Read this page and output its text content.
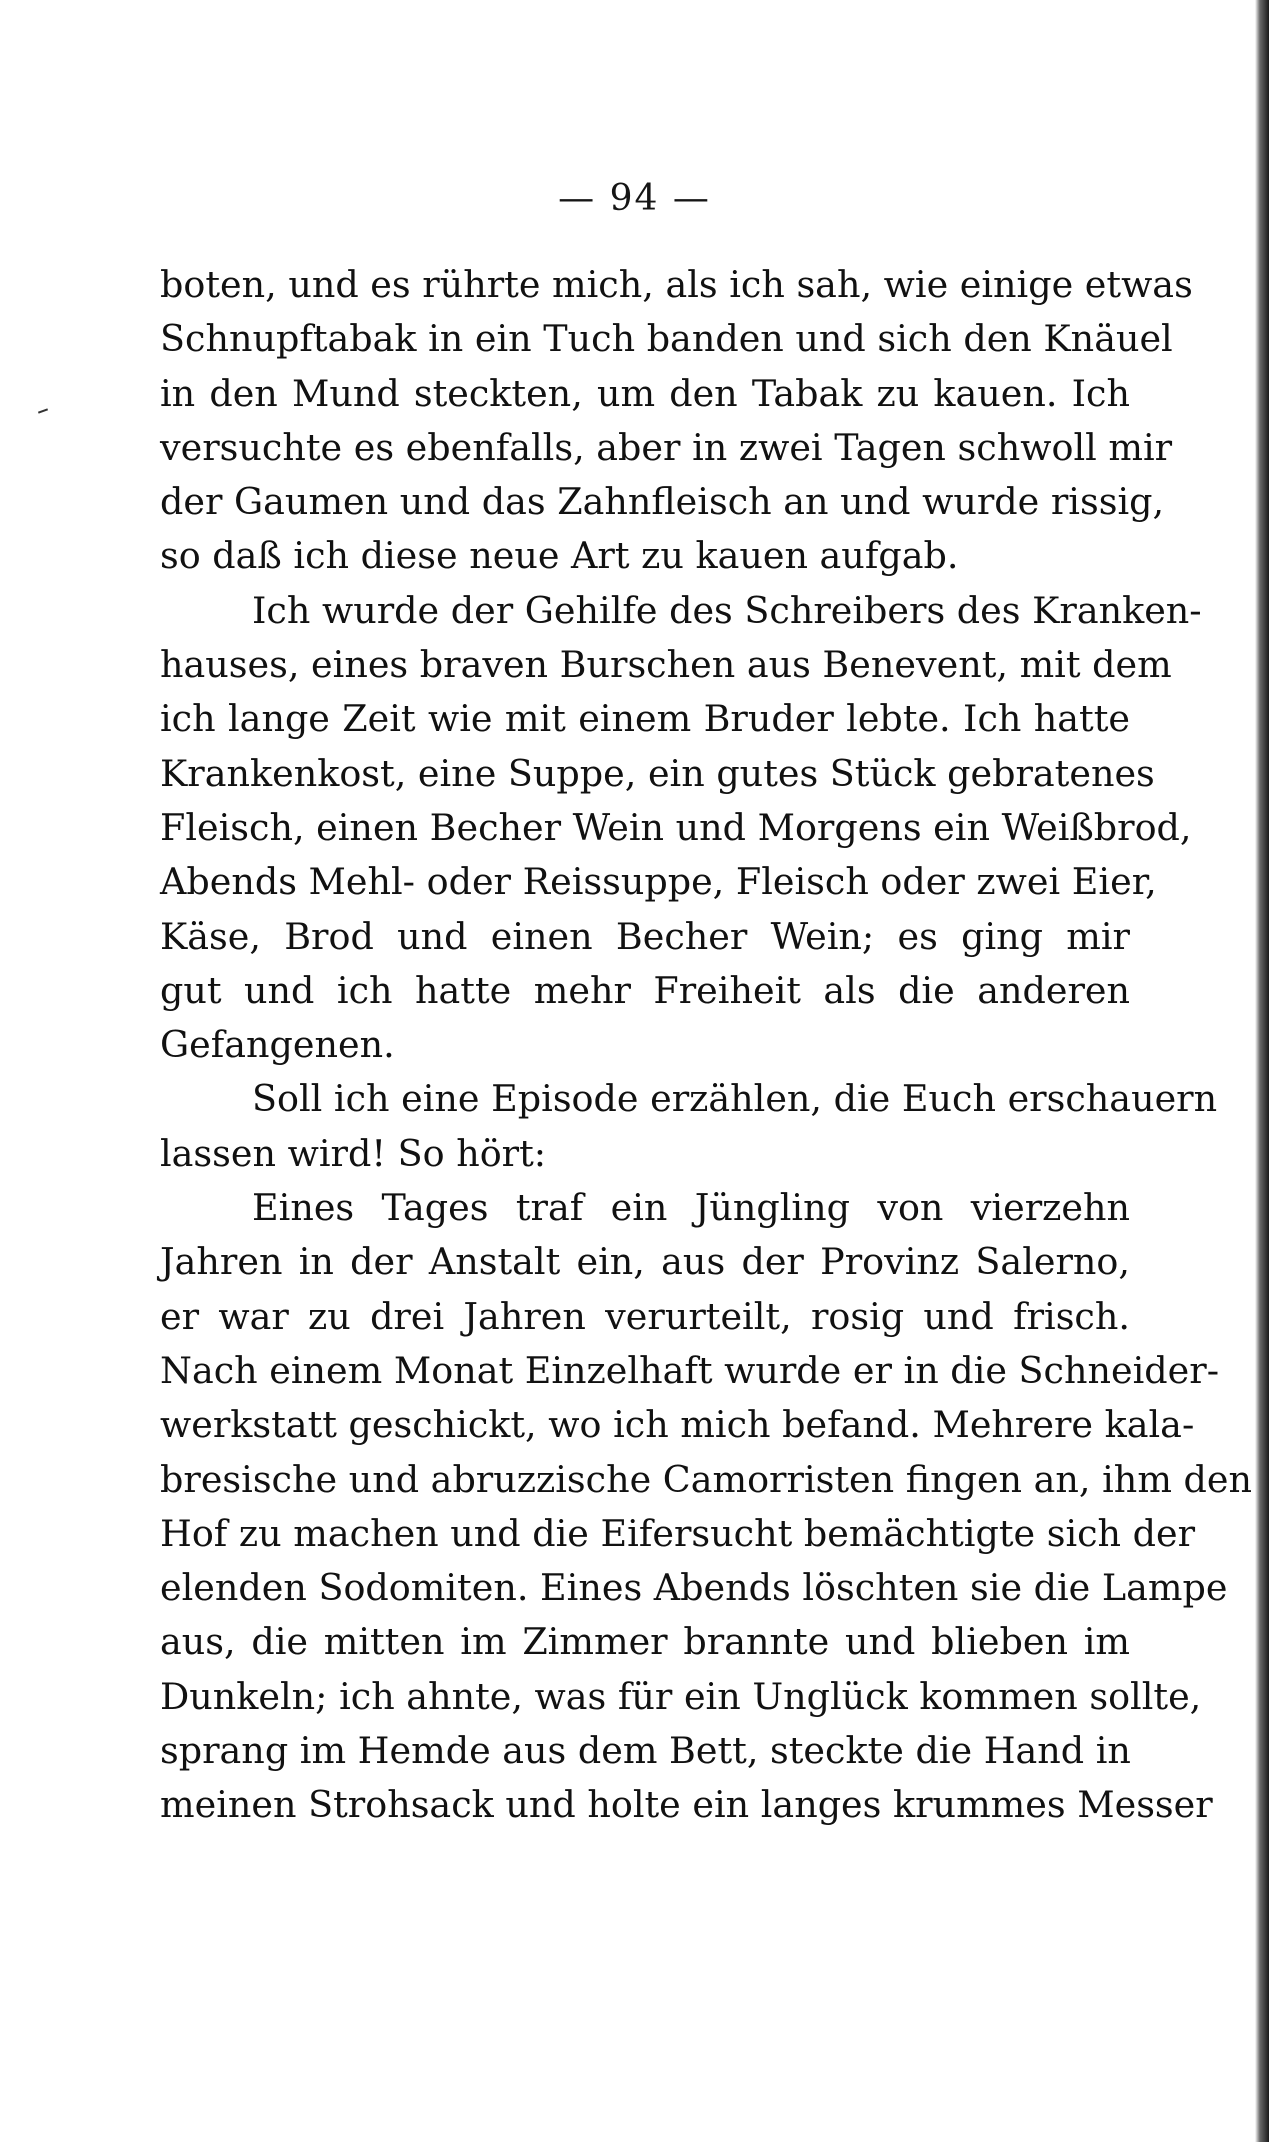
— 94 —
boten, und es rührte mich, als ich sah, wie einige etwas
Schnupftabak in ein Tuch banden und sich den Knäuel
in den Mund steckten, um den Tabak zu kauen. Ich
versuchte es ebenfalls, aber in zwei Tagen schwoll mir
der Gaumen und das Zahnfleisch an und wurde rissig,
so daß ich diese neue Art zu kauen aufgab.
Ich wurde der Gehilfe des Schreibers des Kranken-
hauses, eines braven Burschen aus Benevent, mit dem
ich lange Zeit wie mit einem Bruder lebte. Ich hatte
Krankenkost, eine Suppe, ein gutes Stück gebratenes
Fleisch, einen Becher Wein und Morgens ein Weißbrod,
Abends Mehl- oder Reissuppe, Fleisch oder zwei Eier,
Käse, Brod und einen Becher Wein; es ging mir
gut und ich hatte mehr Freiheit als die anderen
Gefangenen.
Soll ich eine Episode erzählen, die Euch erschauern
lassen wird! So hört:
Eines Tages traf ein Jüngling von vierzehn
Jahren in der Anstalt ein, aus der Provinz Salerno,
er war zu drei Jahren verurteilt, rosig und frisch.
Nach einem Monat Einzelhaft wurde er in die Schneider-
werkstatt geschickt, wo ich mich befand. Mehrere kala-
bresische und abruzzische Camorristen fingen an, ihm den
Hof zu machen und die Eifersucht bemächtigte sich der
elenden Sodomiten. Eines Abends löschten sie die Lampe
aus, die mitten im Zimmer brannte und blieben im
Dunkeln; ich ahnte, was für ein Unglück kommen sollte,
sprang im Hemde aus dem Bett, steckte die Hand in
meinen Strohsack und holte ein langes krummes Messer
